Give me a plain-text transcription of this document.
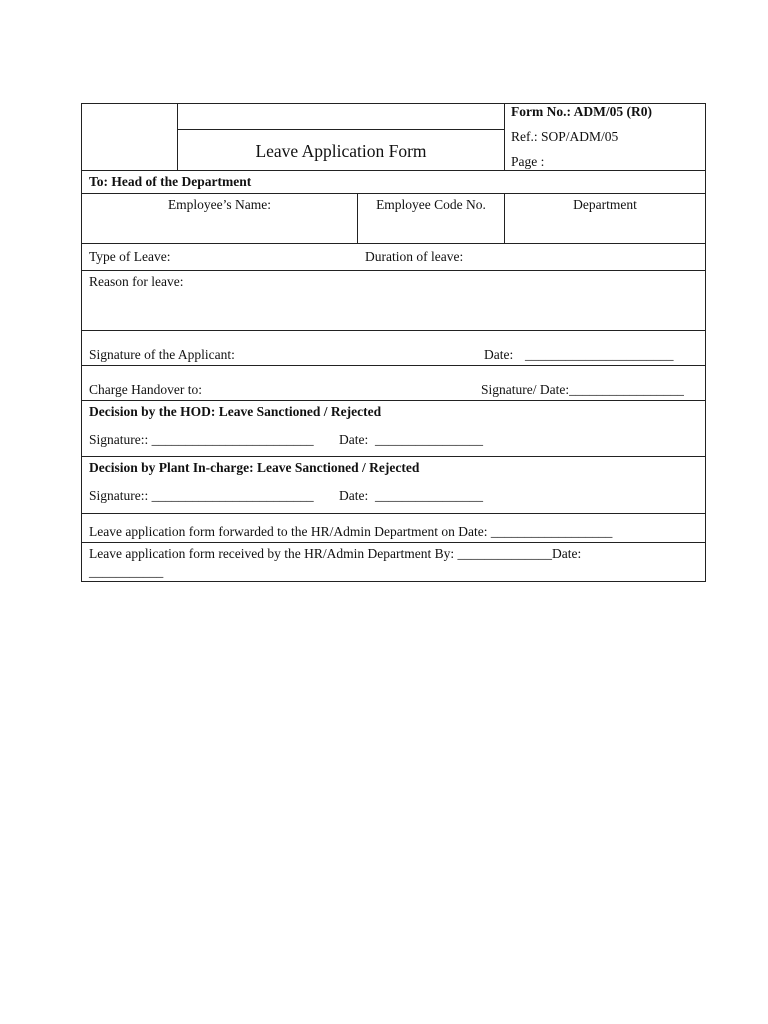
Leave Application Form
Form No.: ADM/05 (R0)
Ref.: SOP/ADM/05
Page :
To: Head of the Department
Employee’s Name:	Employee Code No.	Department
Type of Leave:	Duration of leave:
Reason for leave:
Signature of the Applicant:	Date: ______________________
Charge Handover to:	Signature/ Date:_________________
Decision by the HOD: Leave Sanctioned / Rejected
Signature:: ________________________ Date:  ________________
Decision by Plant In-charge: Leave Sanctioned / Rejected
Signature:: ________________________ Date:  ________________
Leave application form forwarded to the HR/Admin Department on Date: __________________
Leave application form received by the HR/Admin Department By: ______________Date:
___________
